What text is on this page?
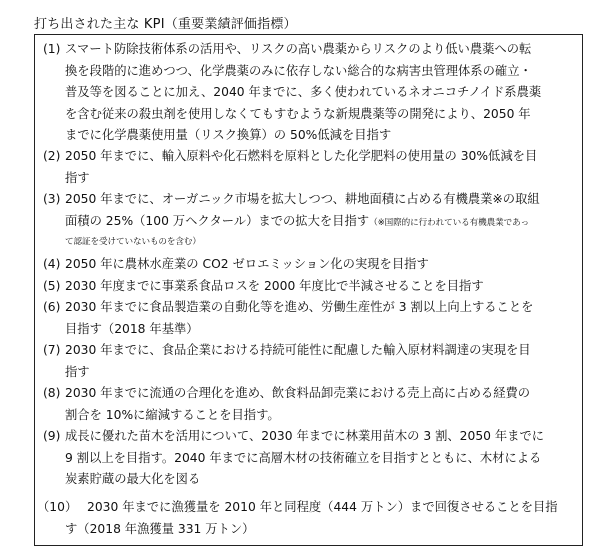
打ち出された主な KPI（重要業績評価指標）
(1) スマート防除技術体系の活用や、リスクの高い農薬からリスクのより低い農薬への転
換を段階的に進めつつ、化学農薬のみに依存しない総合的な病害虫管理体系の確立・
普及等を図ることに加え、2040 年までに、多く使われているネオニコチノイド系農薬
を含む従来の殺虫剤を使用しなくてもすむような新規農薬等の開発により、2050 年
までに化学農薬使用量（リスク換算）の 50%低減を目指す
(2) 2050 年までに、輸入原料や化石燃料を原料とした化学肥料の使用量の 30%低減を目
指す
(3) 2050 年までに、オーガニック市場を拡大しつつ、耕地面積に占める有機農業※の取組
面積の 25%（100 万ヘクタール）までの拡大を目指す（※国際的に行われている有機農業であっ
て認証を受けていないものを含む）
(4) 2050 年に農林水産業の CO2 ゼロエミッション化の実現を目指す
(5) 2030 年度までに事業系食品ロスを 2000 年度比で半減させることを目指す
(6) 2030 年までに食品製造業の自動化等を進め、労働生産性が 3 割以上向上することを
目指す（2018 年基準）
(7) 2030 年までに、食品企業における持続可能性に配慮した輸入原材料調達の実現を目
指す
(8) 2030 年までに流通の合理化を進め、飲食料品卸売業における売上高に占める経費の
割合を 10%に縮減することを目指す。
(9) 成長に優れた苗木を活用について、2030 年までに林業用苗木の 3 割、2050 年までに
9 割以上を目指す。2040 年までに高層木材の技術確立を目指すとともに、木材による
炭素貯蔵の最大化を図る
（10） 2030 年までに漁獲量を 2010 年と同程度（444 万トン）まで回復させることを目指
す（2018 年漁獲量 331 万トン）
